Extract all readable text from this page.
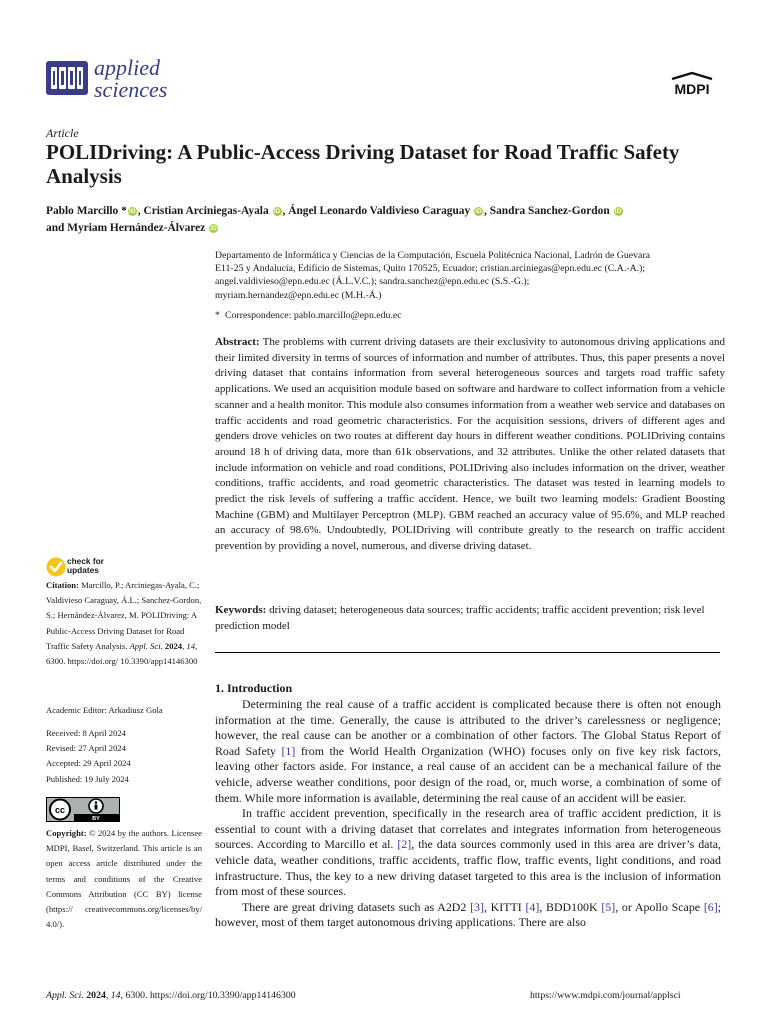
applied
sciences	MDPI
Article
POLIDriving: A Public-Access Driving Dataset for Road Traffic Safety Analysis
Pablo Marcillo * iD , Cristian Arciniegas-Ayala iD , Ángel Leonardo Valdivieso Caraguay iD , Sandra Sanchez-Gordon iD
and Myriam Hernández-Álvarez iD
Departamento de Informática y Ciencias de la Computación, Escuela Politécnica Nacional, Ladrón de Guevara
E11-25 y Andalucía, Edificio de Sistemas, Quito 170525, Ecuador; cristian.arciniegas@epn.edu.ec (C.A.-A.);
angel.valdivieso@epn.edu.ec (Á.L.V.C.); sandra.sanchez@epn.edu.ec (S.S.-G.);
myriam.hernandez@epn.edu.ec (M.H.-Á.)
* Correspondence: pablo.marcillo@epn.edu.ec
Abstract: The problems with current driving datasets are their exclusivity to autonomous driving applications and their limited diversity in terms of sources of information and number of attributes. Thus, this paper presents a novel driving dataset that contains information from several heterogeneous sources and targets road traffic safety applications. We used an acquisition module based on software and hardware to collect information from a vehicle scanner and a health monitor. This module also consumes information from a weather web service and databases on traffic accidents and road geometric characteristics. For the acquisition sessions, drivers of different ages and genders drove vehicles on two routes at different day hours in different weather conditions. POLIDriving contains around 18 h of driving data, more than 61k observations, and 32 attributes. Unlike the other related datasets that include information on vehicle and road conditions, POLIDriving also includes information on the driver, weather conditions, traffic accidents, and road geometric characteristics. The dataset was tested in learning models to predict the risk levels of suffering a traffic accident. Hence, we built two learning models: Gradient Boosting Machine (GBM) and Multilayer Perceptron (MLP). GBM reached an accuracy value of 95.6%, and MLP reached an accuracy of 98.6%. Undoubtedly, POLIDriving will contribute greatly to the research on traffic accident prevention by providing a novel, numerous, and diverse driving dataset.
Keywords: driving dataset; heterogeneous data sources; traffic accidents; traffic accident prevention; risk level prediction model
1. Introduction

Determining the real cause of a traffic accident is complicated because there is often not enough information at the time. Generally, the cause is attributed to the driver’s carelessness or negligence; however, the real cause can be another or a combination of other factors. The Global Status Report of Road Safety [1] from the World Health Organization (WHO) focuses only on five key risk factors, leaving other factors aside. For instance, a real cause of an accident can be a mechanical failure of the vehicle, adverse weather conditions, poor design of the road, or, much worse, a combination of some of them. While more information is available, determining the real cause of an accident will be easier.

In traffic accident prevention, specifically in the research area of traffic accident prediction, it is essential to count with a driving dataset that correlates and integrates information from heterogeneous sources. According to Marcillo et al. [2], the data sources commonly used in this area are driver’s data, vehicle data, weather conditions, traffic accidents, traffic flow, traffic events, light conditions, and road infrastructure. Thus, the key to a new driving dataset targeted to this area is the inclusion of information from most of these sources.

There are great driving datasets such as A2D2 [3], KITTI [4], BDD100K [5], or Apollo Scape [6]; however, most of them target autonomous driving applications. There are also

check for
updates
Citation: Marcillo, P.; Arciniegas-Ayala, C.; Valdivieso Caraguay, Á.L.; Sanchez-Gordon, S.; Hernández-Álvarez, M. POLIDriving: A Public-Access Driving Dataset for Road Traffic Safety Analysis. Appl. Sci. 2024, 14, 6300. https://doi.org/ 10.3390/app14146300
Academic Editor: Arkadiusz Gola
Received: 8 April 2024
Revised: 27 April 2024
Accepted: 29 April 2024
Published: 19 July 2024
cc
BY
Copyright: © 2024 by the authors. Licensee MDPI, Basel, Switzerland. This article is an open access article distributed under the terms and conditions of the Creative Commons Attribution (CC BY) license (https:// creativecommons.org/licenses/by/ 4.0/).
Appl. Sci. 2024, 14, 6300. https://doi.org/10.3390/app14146300	https://www.mdpi.com/journal/applsci
